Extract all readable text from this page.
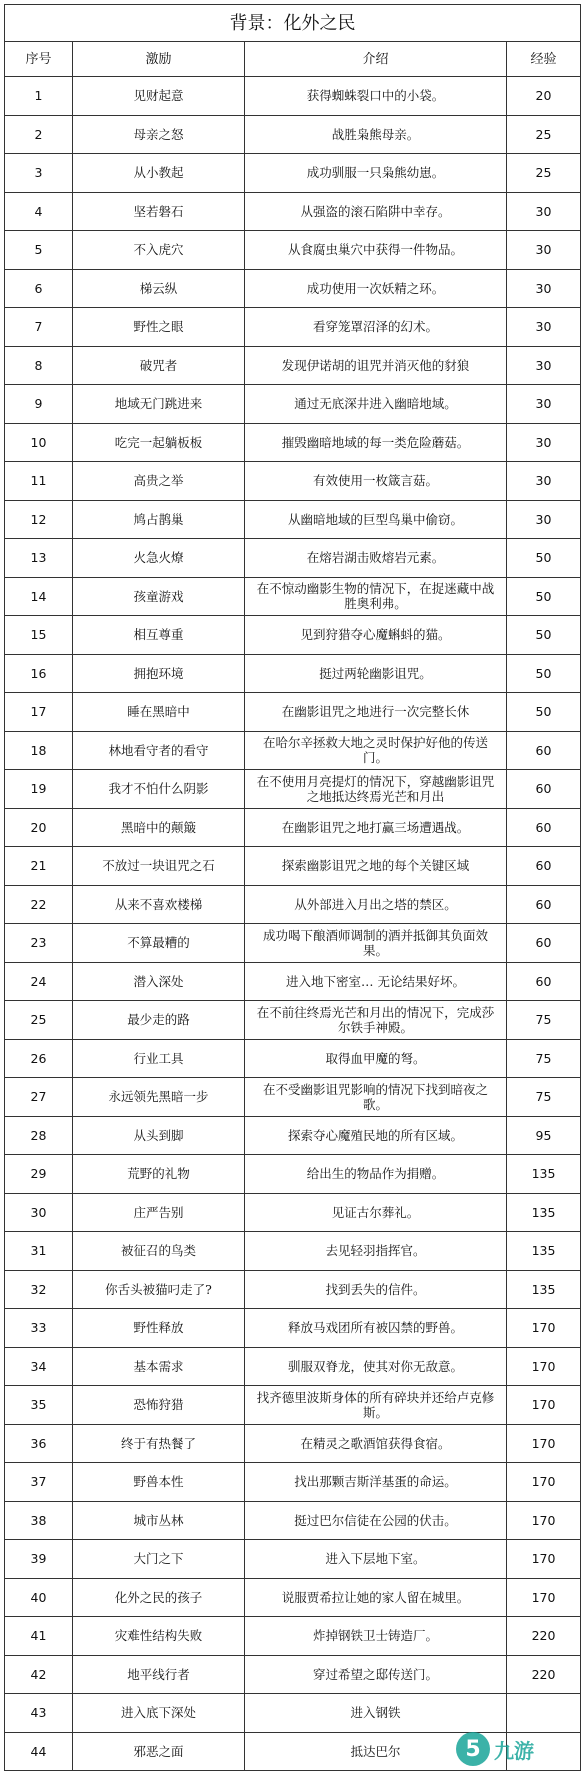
背景：化外之民			
序号	激励	介绍	经验
1	见财起意	获得蜘蛛裂口中的小袋。	20
2	母亲之怒	战胜枭熊母亲。	25
3	从小教起	成功驯服一只枭熊幼崽。	25
4	坚若磐石	从强盗的滚石陷阱中幸存。	30
5	不入虎穴	从食腐虫巢穴中获得一件物品。	30
6	梯云纵	成功使用一次妖精之环。	30
7	野性之眼	看穿笼罩沼泽的幻术。	30
8	破咒者	发现伊诺胡的诅咒并消灭他的豺狼	30
9	地域无门跳进来	通过无底深井进入幽暗地域。	30
10	吃完一起躺板板	摧毁幽暗地域的每一类危险蘑菇。	30
11	高贵之举	有效使用一枚箴言菇。	30
12	鸠占鹊巢	从幽暗地域的巨型鸟巢中偷窃。	30
13	火急火燎	在熔岩湖击败熔岩元素。	50
14	孩童游戏	在不惊动幽影生物的情况下，在捉迷藏中战胜奥利弗。	50
15	相互尊重	见到狩猎夺心魔蝌蚪的猫。	50
16	拥抱环境	挺过两轮幽影诅咒。	50
17	睡在黑暗中	在幽影诅咒之地进行一次完整长休	50
18	林地看守者的看守	在哈尔辛拯救大地之灵时保护好他的传送门。	60
19	我才不怕什么阴影	在不使用月亮提灯的情况下，穿越幽影诅咒之地抵达终焉光芒和月出	60
20	黑暗中的颠簸	在幽影诅咒之地打赢三场遭遇战。	60
21	不放过一块诅咒之石	探索幽影诅咒之地的每个关键区域	60
22	从来不喜欢楼梯	从外部进入月出之塔的禁区。	60
23	不算最糟的	成功喝下酿酒师调制的酒并抵御其负面效果。	60
24	潜入深处	进入地下密室… 无论结果好坏。	60
25	最少走的路	在不前往终焉光芒和月出的情况下，完成莎尔铁手神殿。	75
26	行业工具	取得血甲魔的弩。	75
27	永远领先黑暗一步	在不受幽影诅咒影响的情况下找到暗夜之歌。	75
28	从头到脚	探索夺心魔殖民地的所有区域。	95
29	荒野的礼物	给出生的物品作为捐赠。	135
30	庄严告别	见证古尔葬礼。	135
31	被征召的鸟类	去见轻羽指挥官。	135
32	你舌头被猫叼走了?	找到丢失的信件。	135
33	野性释放	释放马戏团所有被囚禁的野兽。	170
34	基本需求	驯服双脊龙，使其对你无敌意。	170
35	恐怖狩猎	找齐德里波斯身体的所有碎块并还给卢克修斯。	170
36	终于有热餐了	在精灵之歌酒馆获得食宿。	170
37	野兽本性	找出那颗吉斯洋基蛋的命运。	170
38	城市丛林	挺过巴尔信徒在公园的伏击。	170
39	大门之下	进入下层地下室。	170
40	化外之民的孩子	说服贾希拉让她的家人留在城里。	170
41	灾难性结构失败	炸掉钢铁卫士铸造厂。	220
42	地平线行者	穿过希望之邸传送门。	220
43	进入底下深处	进入钢铁	
44	邪恶之面	抵达巴尔		5 九游
